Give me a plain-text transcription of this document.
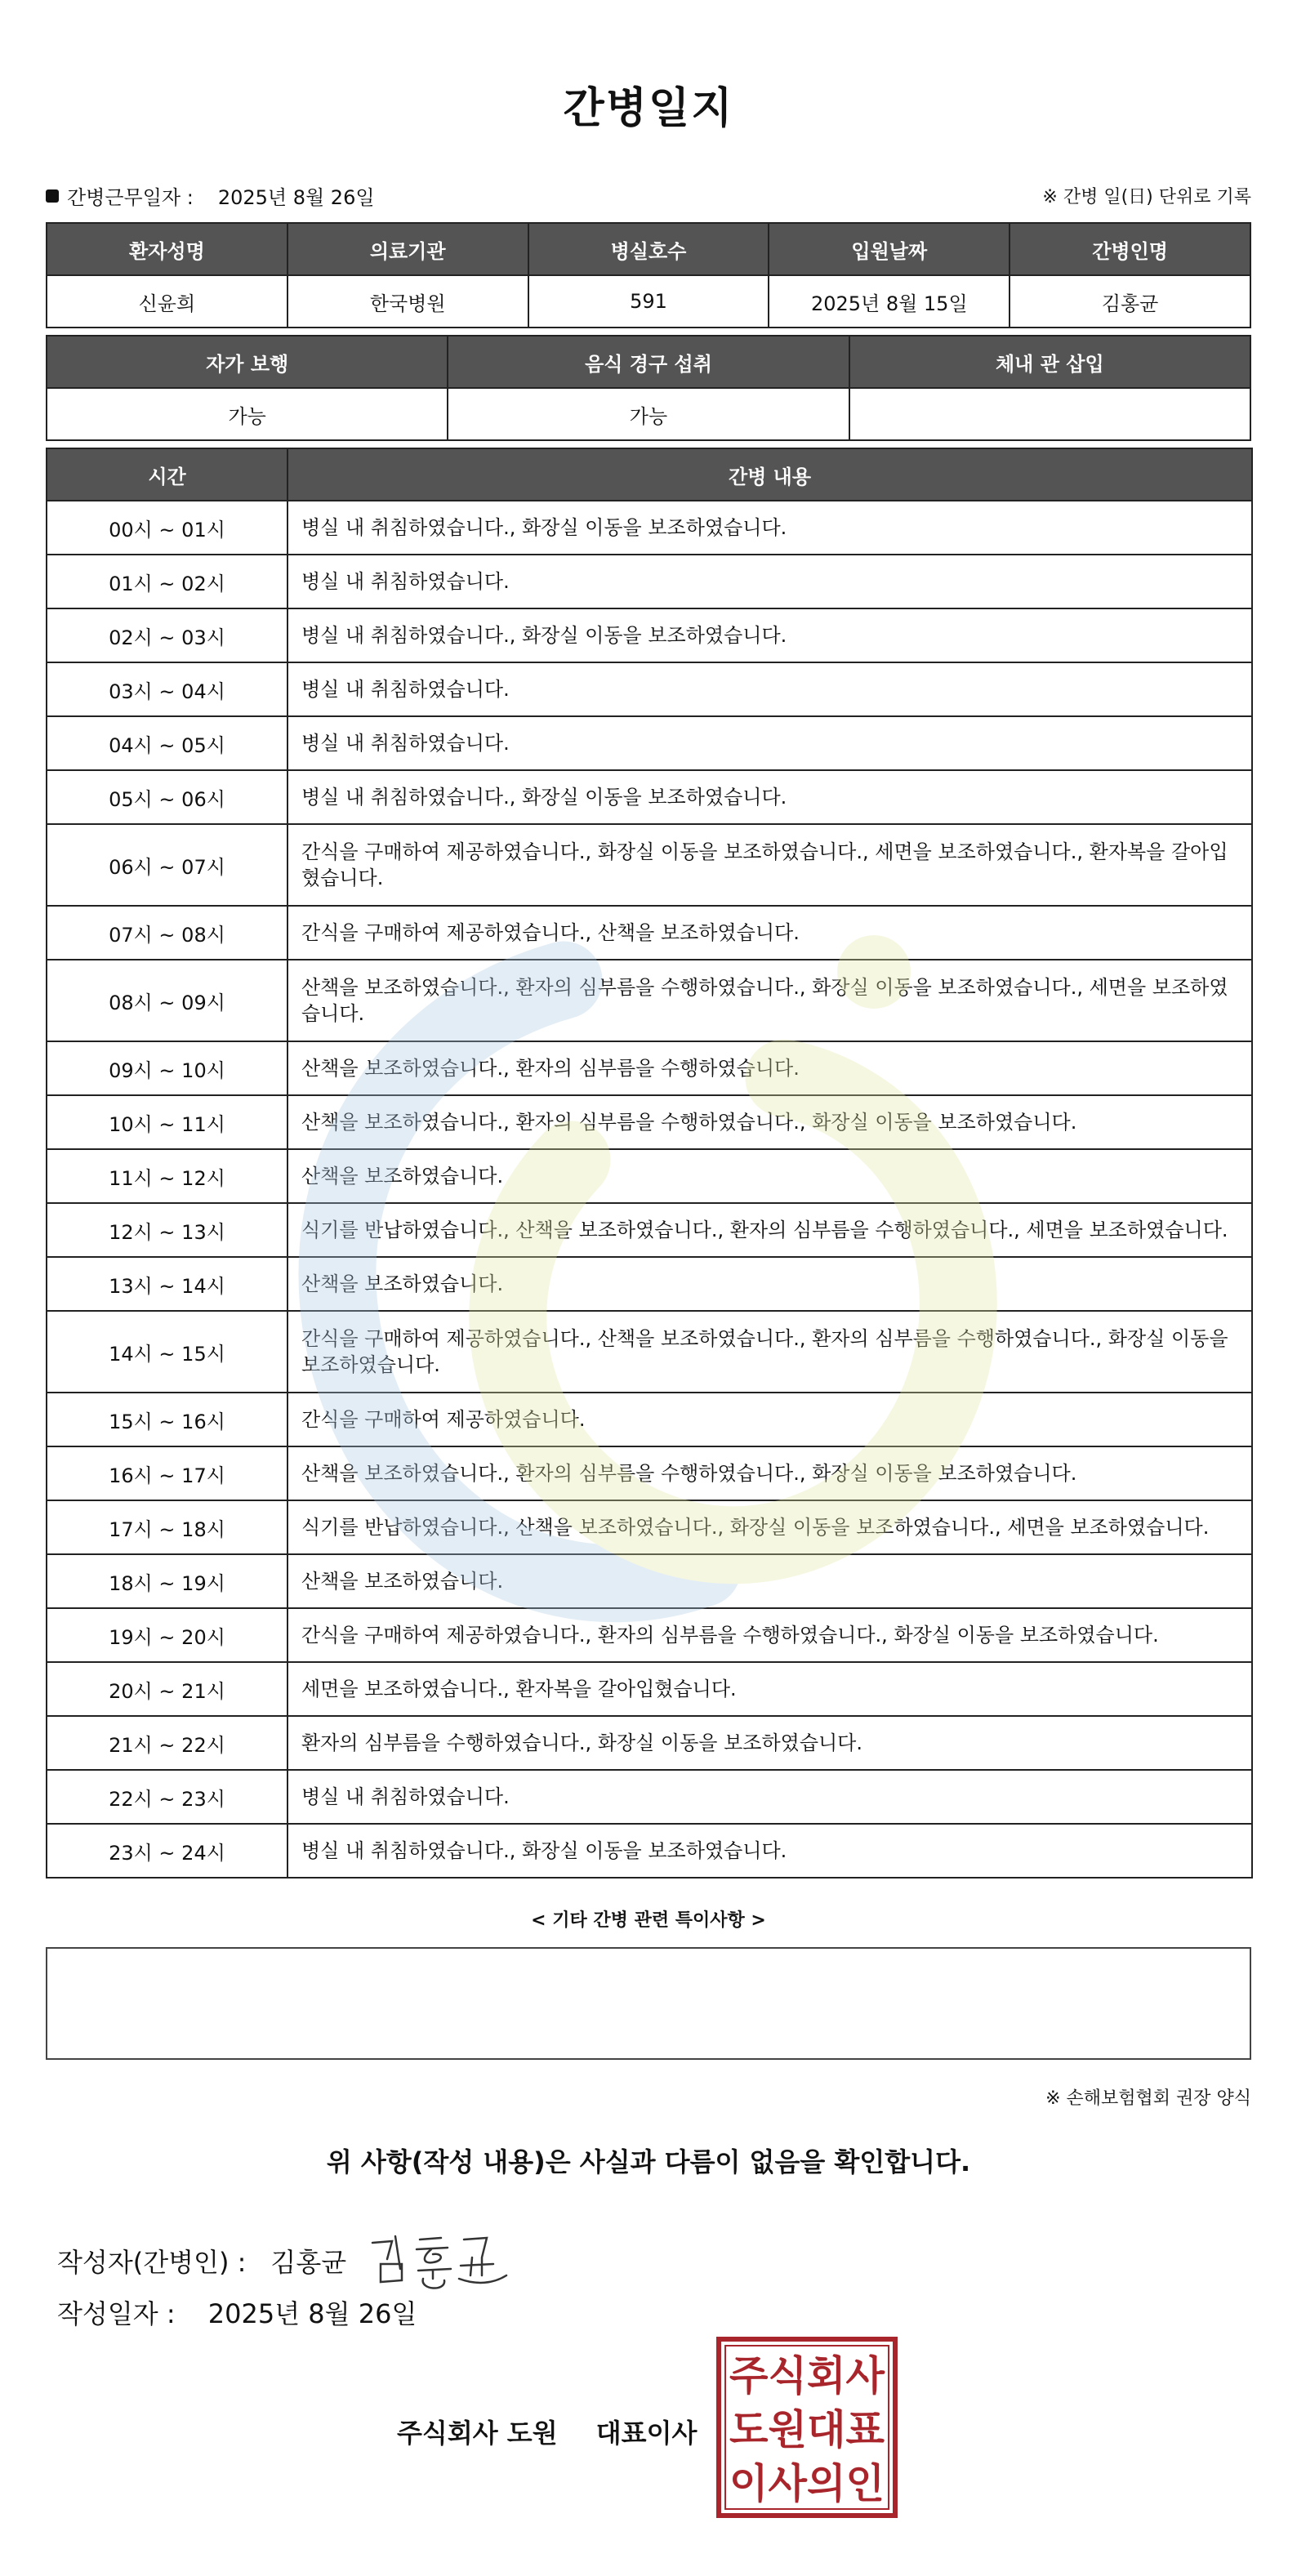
간병일지
간병근무일자 : 2025년 8월 26일	※ 간병 일(日) 단위로 기록
환자성명	의료기관	병실호수	입원날짜	간병인명
신윤희	한국병원	591	2025년 8월 15일	김홍균
자가 보행	음식 경구 섭취	체내 관 삽입
가능	가능	
시간	간병 내용
00시 ~ 01시	병실 내 취침하였습니다., 화장실 이동을 보조하였습니다.
01시 ~ 02시	병실 내 취침하였습니다.
02시 ~ 03시	병실 내 취침하였습니다., 화장실 이동을 보조하였습니다.
03시 ~ 04시	병실 내 취침하였습니다.
04시 ~ 05시	병실 내 취침하였습니다.
05시 ~ 06시	병실 내 취침하였습니다., 화장실 이동을 보조하였습니다.
06시 ~ 07시	간식을 구매하여 제공하였습니다., 화장실 이동을 보조하였습니다., 세면을 보조하였습니다., 환자복을 갈아입혔습니다.
07시 ~ 08시	간식을 구매하여 제공하였습니다., 산책을 보조하였습니다.
08시 ~ 09시	산책을 보조하였습니다., 환자의 심부름을 수행하였습니다., 화장실 이동을 보조하였습니다., 세면을 보조하였습니다.
09시 ~ 10시	산책을 보조하였습니다., 환자의 심부름을 수행하였습니다.
10시 ~ 11시	산책을 보조하였습니다., 환자의 심부름을 수행하였습니다., 화장실 이동을 보조하였습니다.
11시 ~ 12시	산책을 보조하였습니다.
12시 ~ 13시	식기를 반납하였습니다., 산책을 보조하였습니다., 환자의 심부름을 수행하였습니다., 세면을 보조하였습니다.
13시 ~ 14시	산책을 보조하였습니다.
14시 ~ 15시	간식을 구매하여 제공하였습니다., 산책을 보조하였습니다., 환자의 심부름을 수행하였습니다., 화장실 이동을 보조하였습니다.
15시 ~ 16시	간식을 구매하여 제공하였습니다.
16시 ~ 17시	산책을 보조하였습니다., 환자의 심부름을 수행하였습니다., 화장실 이동을 보조하였습니다.
17시 ~ 18시	식기를 반납하였습니다., 산책을 보조하였습니다., 화장실 이동을 보조하였습니다., 세면을 보조하였습니다.
18시 ~ 19시	산책을 보조하였습니다.
19시 ~ 20시	간식을 구매하여 제공하였습니다., 환자의 심부름을 수행하였습니다., 화장실 이동을 보조하였습니다.
20시 ~ 21시	세면을 보조하였습니다., 환자복을 갈아입혔습니다.
21시 ~ 22시	환자의 심부름을 수행하였습니다., 화장실 이동을 보조하였습니다.
22시 ~ 23시	병실 내 취침하였습니다.
23시 ~ 24시	병실 내 취침하였습니다., 화장실 이동을 보조하였습니다.
< 기타 간병 관련 특이사항 >
※ 손해보험협회 권장 양식
위 사항(작성 내용)은 사실과 다름이 없음을 확인합니다.
작성자(간병인) : 김홍균
작성일자 : 2025년 8월 26일
주식회사 도원 대표이사
주식회사
도원대표
이사의인
